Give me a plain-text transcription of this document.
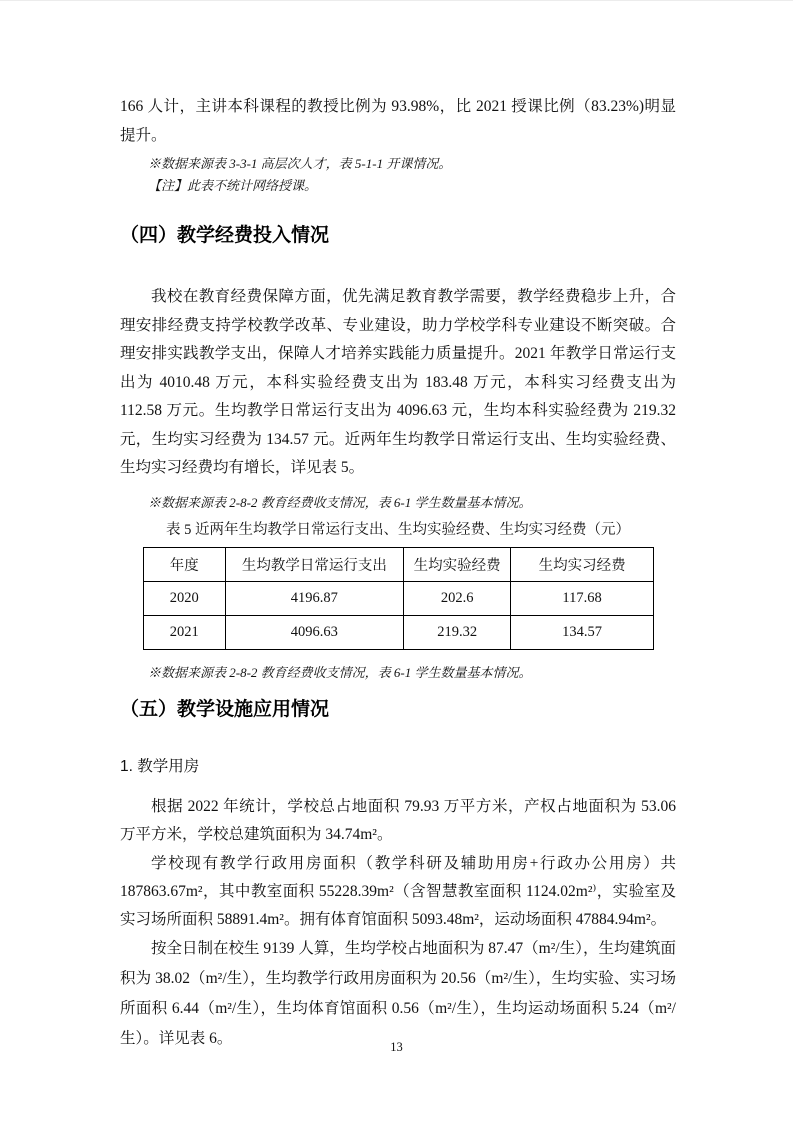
166 人计，主讲本科课程的教授比例为 93.98%，比 2021 授课比例（83.23%)明显提升。

※数据来源表 3-3-1 高层次人才，表 5-1-1 开课情况。

【注】此表不统计网络授课。

（四）教学经费投入情况

我校在教育经费保障方面，优先满足教育教学需要，教学经费稳步上升，合理安排经费支持学校教学改革、专业建设，助力学校学科专业建设不断突破。合理安排实践教学支出，保障人才培养实践能力质量提升。2021 年教学日常运行支出为 4010.48 万元，本科实验经费支出为 183.48 万元，本科实习经费支出为 112.58 万元。生均教学日常运行支出为 4096.63 元，生均本科实验经费为 219.32 元，生均实习经费为 134.57 元。近两年生均教学日常运行支出、生均实验经费、生均实习经费均有增长，详见表 5。

※数据来源表 2-8-2 教育经费收支情况，表 6-1 学生数量基本情况。

表 5 近两年生均教学日常运行支出、生均实验经费、生均实习经费（元）

年度	生均教学日常运行支出	生均实验经费	生均实习经费
2020	4196.87	202.6	117.68
2021	4096.63	219.32	134.57

※数据来源表 2-8-2 教育经费收支情况，表 6-1 学生数量基本情况。

（五）教学设施应用情况
1. 教学用房

根据 2022 年统计，学校总占地面积 79.93 万平方米，产权占地面积为 53.06 万平方米，学校总建筑面积为 34.74m²。

学校现有教学行政用房面积（教学科研及辅助用房+行政办公用房）共 187863.67m²，其中教室面积 55228.39m²（含智慧教室面积 1124.02m²⁾，实验室及实习场所面积 58891.4m²。拥有体育馆面积 5093.48m²，运动场面积 47884.94m²。

按全日制在校生 9139 人算，生均学校占地面积为 87.47（m²/生），生均建筑面积为 38.02（m²/生），生均教学行政用房面积为 20.56（m²/生），生均实验、实习场所面积 6.44（m²/生），生均体育馆面积 0.56（m²/生），生均运动场面积 5.24（m²/生）。详见表 6。

13
